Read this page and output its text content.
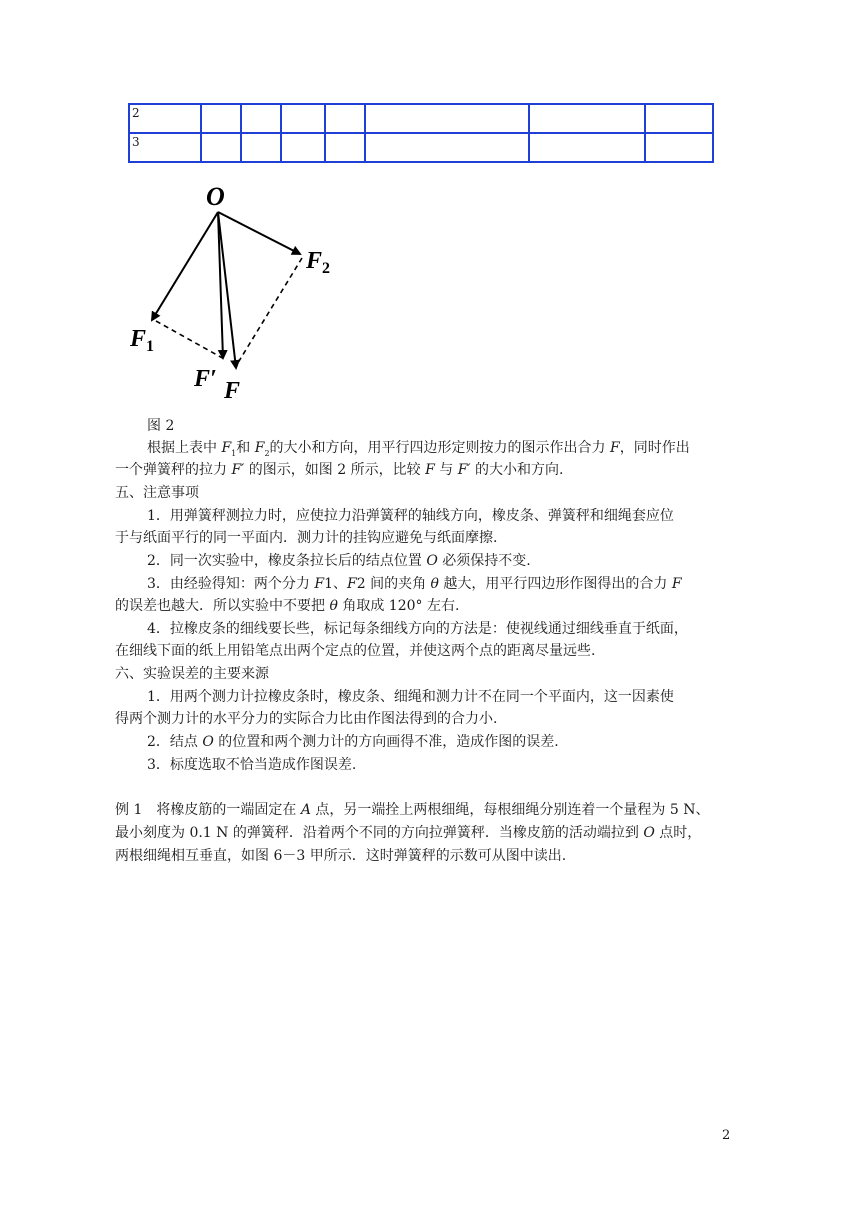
2							
3							
O
$F_2$
$F_1$
F′ F
图 2
根据上表中 $F_1$和 $F_2$的大小和方向，用平行四边形定则按力的图示作出合力 F，同时作出
一个弹簧秤的拉力 F′ 的图示，如图 2 所示，比较 F 与 F′ 的大小和方向.
五、注意事项
1．用弹簧秤测拉力时，应使拉力沿弹簧秤的轴线方向，橡皮条、弹簧秤和细绳套应位
于与纸面平行的同一平面内．测力计的挂钩应避免与纸面摩擦.
2．同一次实验中，橡皮条拉长后的结点位置 O 必须保持不变.
3．由经验得知：两个分力 F1、F2 间的夹角 θ 越大，用平行四边形作图得出的合力 F
的误差也越大．所以实验中不要把 θ 角取成 120° 左右.
4．拉橡皮条的细线要长些，标记每条细线方向的方法是：使视线通过细线垂直于纸面，
在细线下面的纸上用铅笔点出两个定点的位置，并使这两个点的距离尽量远些.
六、实验误差的主要来源
1．用两个测力计拉橡皮条时，橡皮条、细绳和测力计不在同一个平面内，这一因素使
得两个测力计的水平分力的实际合力比由作图法得到的合力小.
2．结点 O 的位置和两个测力计的方向画得不准，造成作图的误差.
3．标度选取不恰当造成作图误差.
例 1　将橡皮筋的一端固定在 A 点，另一端拴上两根细绳，每根细绳分别连着一个量程为 5 N、
最小刻度为 0.1 N 的弹簧秤．沿着两个不同的方向拉弹簧秤．当橡皮筋的活动端拉到 O 点时，
两根细绳相互垂直，如图 6－3 甲所示．这时弹簧秤的示数可从图中读出.
2
